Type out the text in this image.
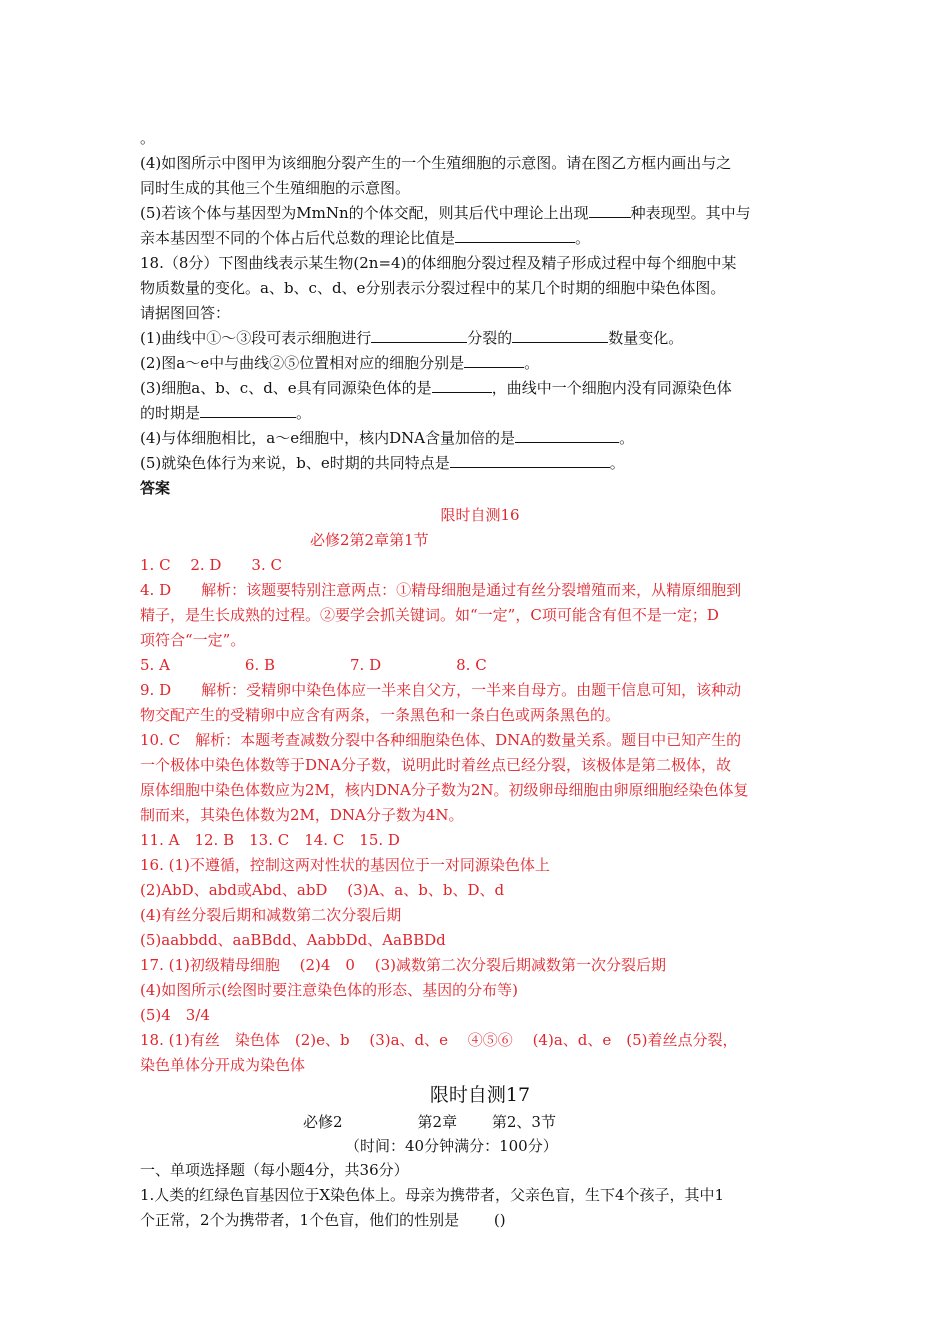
。
(4)如图所示中图甲为该细胞分裂产生的一个生殖细胞的示意图。请在图乙方框内画出与之
同时生成的其他三个生殖细胞的示意图。
(5)若该个体与基因型为MmNn的个体交配，则其后代中理论上出现	种表现型。其中与
亲本基因型不同的个体占后代总数的理论比值是	。
18.（8分）下图曲线表示某生物(2n=4)的体细胞分裂过程及精子形成过程中每个细胞中某
物质数量的变化。a、b、c、d、e分别表示分裂过程中的某几个时期的细胞中染色体图。
请据图回答：
(1)曲线中①～③段可表示细胞进行	分裂的	数量变化。
(2)图a～e中与曲线②⑤位置相对应的细胞分别是	。
(3)细胞a、b、c、d、e具有同源染色体的是	，曲线中一个细胞内没有同源染色体
的时期是	。
(4)与体细胞相比，a～e细胞中，核内DNA含量加倍的是	。
(5)就染色体行为来说，b、e时期的共同特点是	。
答案
限时自测16
必修2第2章第1节
1. C　 2. D　　3. C
4. D　　解析：该题要特别注意两点：①精母细胞是通过有丝分裂增殖而来，从精原细胞到
精子，是生长成熟的过程。②要学会抓关键词。如“一定”，C项可能含有但不是一定；D
项符合“一定”。
5. A　　　　　6. B　　　　　7. D　　　　　8. C
9. D　　解析：受精卵中染色体应一半来自父方，一半来自母方。由题干信息可知，该种动
物交配产生的受精卵中应含有两条，一条黑色和一条白色或两条黑色的。
10. C　解析：本题考查减数分裂中各种细胞染色体、DNA的数量关系。题目中已知产生的
一个极体中染色体数等于DNA分子数，说明此时着丝点已经分裂，该极体是第二极体，故
原体细胞中染色体数应为2M，核内DNA分子数为2N。初级卵母细胞由卵原细胞经染色体复
制而来，其染色体数为2M，DNA分子数为4N。
11. A　12. B　13. C　14. C　15. D
16. (1)不遵循，控制这两对性状的基因位于一对同源染色体上
(2)AbD、abd或Abd、abD　 (3)A、a、b、b、D、d
(4)有丝分裂后期和减数第二次分裂后期
(5)aabbdd、aaBBdd、AabbDd、AaBBDd
17. (1)初级精母细胞　 (2)4　0　 (3)减数第二次分裂后期减数第一次分裂后期
(4)如图所示(绘图时要注意染色体的形态、基因的分布等)
(5)4　3/4
18. (1)有丝　染色体　(2)e、b　 (3)a、d、e　 ④⑤⑥　 (4)a、d、e　(5)着丝点分裂，
染色单体分开成为染色体
限时自测17
必修2　　　　　第2章　　 第2、3节
（时间：40分钟满分：100分）
一、单项选择题（每小题4分，共36分）
1.人类的红绿色盲基因位于X染色体上。母亲为携带者，父亲色盲，生下4个孩子，其中1
个正常，2个为携带者，1个色盲，他们的性别是　　 ()
